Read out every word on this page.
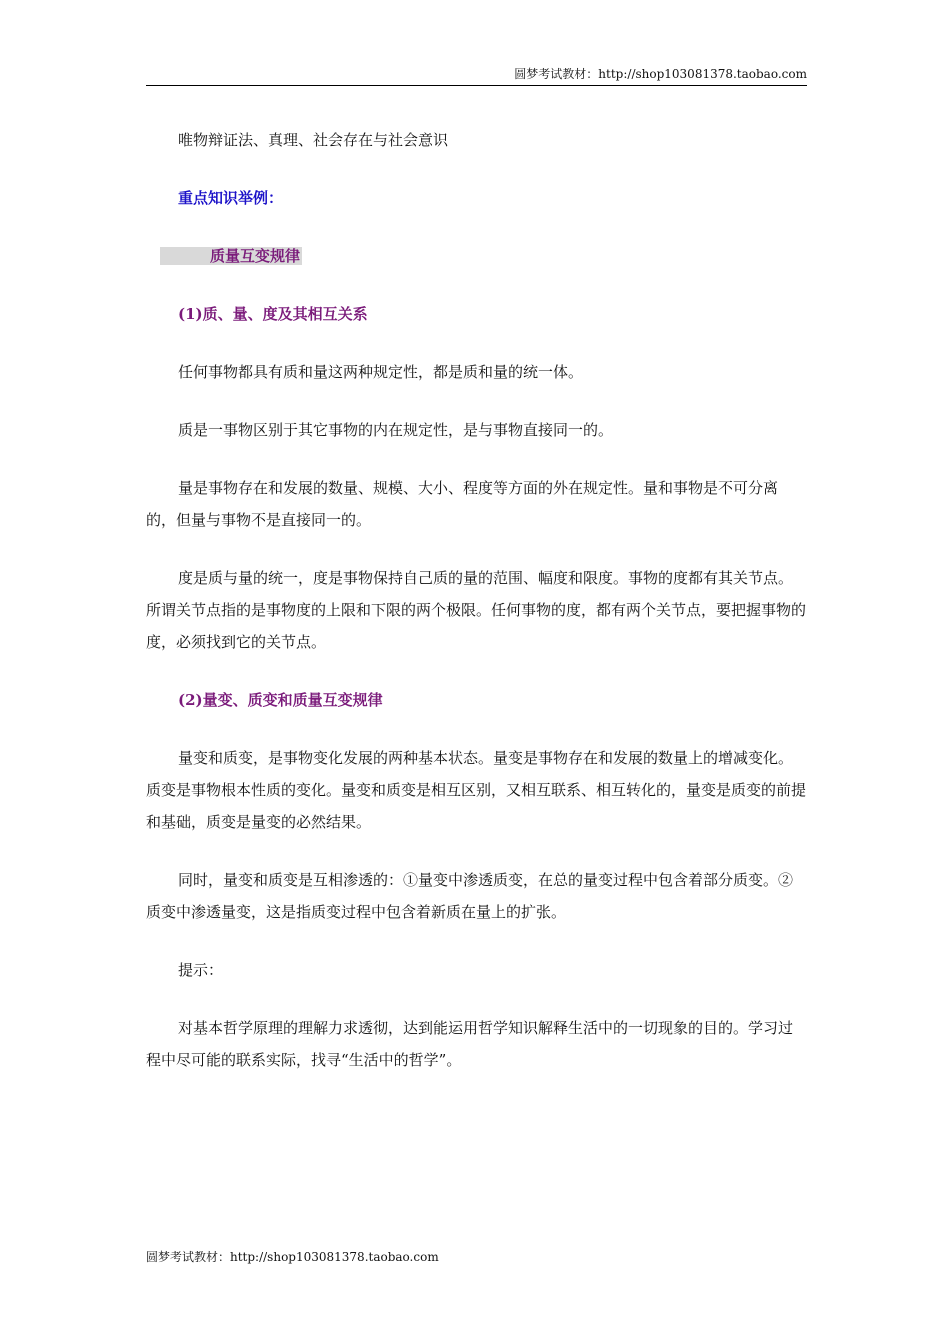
圆梦考试教材：http://shop103081378.taobao.com

唯物辩证法、真理、社会存在与社会意识

重点知识举例：

质量互变规律

(1)质、量、度及其相互关系

任何事物都具有质和量这两种规定性，都是质和量的统一体。

质是一事物区别于其它事物的内在规定性，是与事物直接同一的。

量是事物存在和发展的数量、规模、大小、程度等方面的外在规定性。量和事物是不可分离的，但量与事物不是直接同一的。

度是质与量的统一，度是事物保持自己质的量的范围、幅度和限度。事物的度都有其关节点。所谓关节点指的是事物度的上限和下限的两个极限。任何事物的度，都有两个关节点，要把握事物的度，必须找到它的关节点。

(2)量变、质变和质量互变规律

量变和质变，是事物变化发展的两种基本状态。量变是事物存在和发展的数量上的增减变化。质变是事物根本性质的变化。量变和质变是相互区别，又相互联系、相互转化的，量变是质变的前提和基础，质变是量变的必然结果。

同时，量变和质变是互相渗透的：①量变中渗透质变，在总的量变过程中包含着部分质变。②质变中渗透量变，这是指质变过程中包含着新质在量上的扩张。

提示：

对基本哲学原理的理解力求透彻，达到能运用哲学知识解释生活中的一切现象的目的。学习过程中尽可能的联系实际，找寻“生活中的哲学”。

圆梦考试教材：http://shop103081378.taobao.com
